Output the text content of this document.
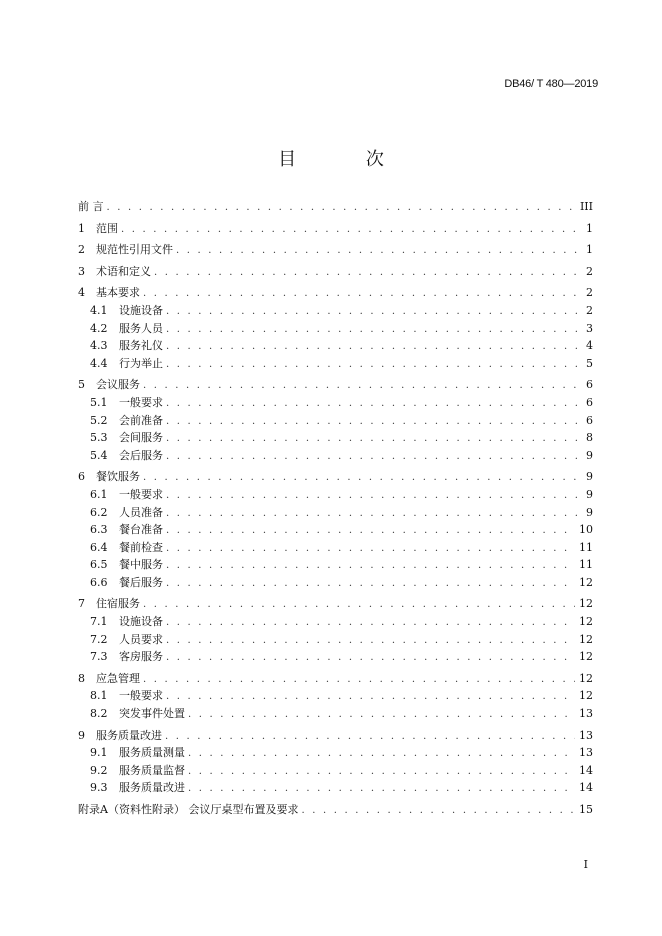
DB46/ T 480—2019
目 次
前 言 . . .	III
1	范围 . . .	1
2	规范性引用文件 . . .	1
3	术语和定义 . . .	2
4	基本要求 . . .	2
4.1	设施设备 . . .	2
4.2	服务人员 . . .	3
4.3	服务礼仪 . . .	4
4.4	行为举止 . . .	5
5	会议服务 . . .	6
5.1	一般要求 . . .	6
5.2	会前准备 . . .	6
5.3	会间服务 . . .	8
5.4	会后服务 . . .	9
6	餐饮服务 . . .	9
6.1	一般要求 . . .	9
6.2	人员准备 . . .	9
6.3	餐台准备 . . .	10
6.4	餐前检查 . . .	11
6.5	餐中服务 . . .	11
6.6	餐后服务 . . .	12
7	住宿服务 . . .	12
7.1	设施设备 . . .	12
7.2	人员要求 . . .	12
7.3	客房服务 . . .	12
8	应急管理 . . .	12
8.1	一般要求 . . .	12
8.2	突发事件处置 . . .	13
9	服务质量改进 . . .	13
9.1	服务质量测量 . . .	13
9.2	服务质量监督 . . .	14
9.3	服务质量改进 . . .	14
附录A（资料性附录） 会议厅桌型布置及要求 . . .	15
I
